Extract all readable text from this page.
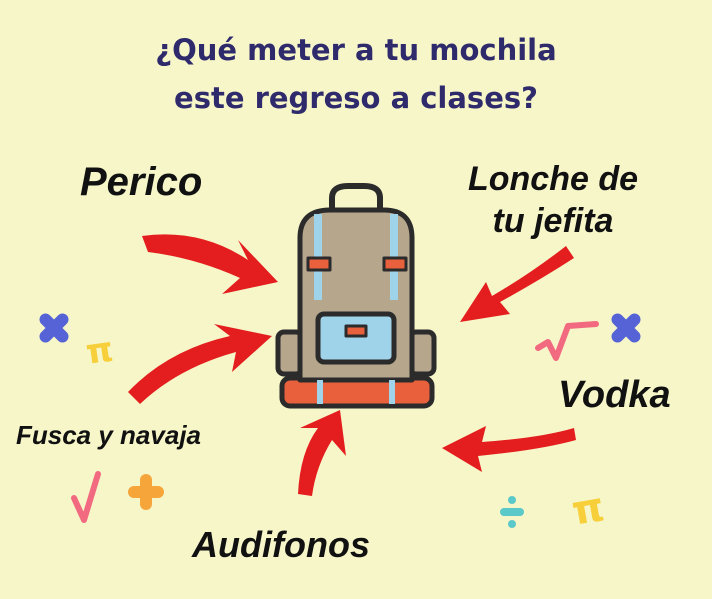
π
π
¿Qué meter a tu mochila
este regreso a clases?
Perico	Lonche de
tu jefita
Vodka
Fusca y navaja
Audifonos
